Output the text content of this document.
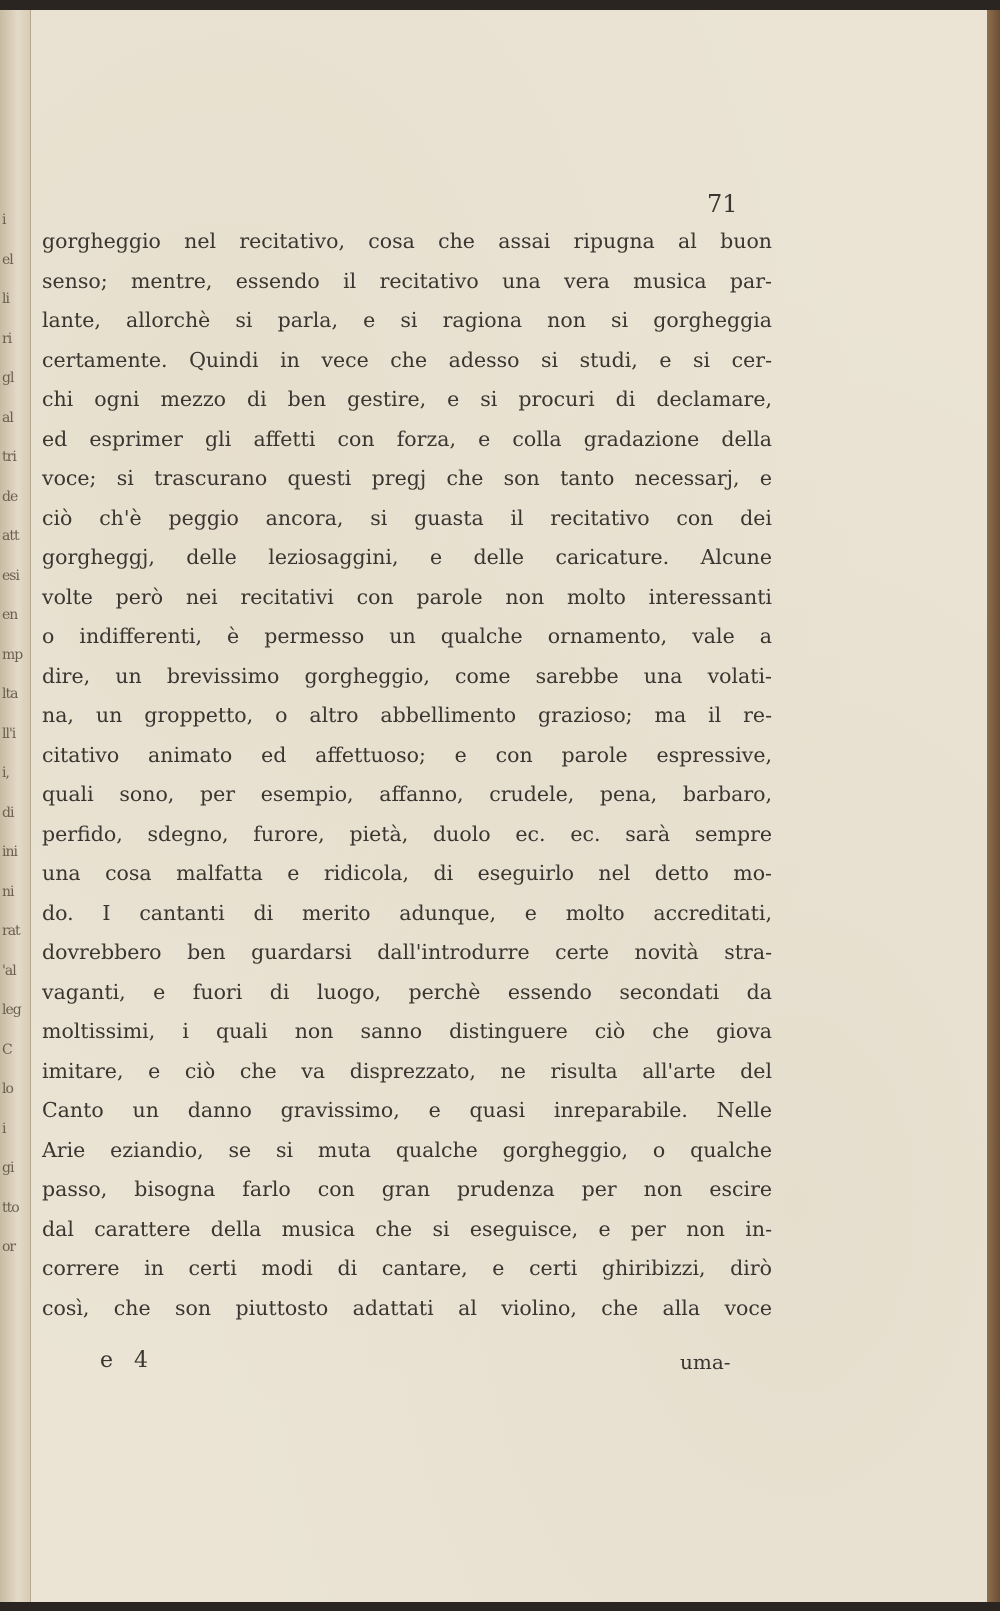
i
el
li
ri
gl
al
tri
de
att
esi
en
mp
lta
ll'i
i,
di
ini
ni
rat
'al
leg
C
lo
i
gi
tto
or
71
gorgheggio nel recitativo, cosa che assai ripugna al buon
senso; mentre, essendo il recitativo una vera musica par-
lante, allorchè si parla, e si ragiona non si gorgheggia
certamente. Quindi in vece che adesso si studi, e si cer-
chi ogni mezzo di ben gestire, e si procuri di declamare,
ed esprimer gli affetti con forza, e colla gradazione della
voce; si trascurano questi pregj che son tanto necessarj, e
ciò ch'è peggio ancora, si guasta il recitativo con dei
gorgheggj, delle leziosaggini, e delle caricature. Alcune
volte però nei recitativi con parole non molto interessanti
o indifferenti, è permesso un qualche ornamento, vale a
dire, un brevissimo gorgheggio, come sarebbe una volati-
na, un groppetto, o altro abbellimento grazioso; ma il re-
citativo animato ed affettuoso; e con parole espressive,
quali sono, per esempio, affanno, crudele, pena, barbaro,
perfido, sdegno, furore, pietà, duolo ec. ec. sarà sempre
una cosa malfatta e ridicola, di eseguirlo nel detto mo-
do. I cantanti di merito adunque, e molto accreditati,
dovrebbero ben guardarsi dall'introdurre certe novità stra-
vaganti, e fuori di luogo, perchè essendo secondati da
moltissimi, i quali non sanno distinguere ciò che giova
imitare, e ciò che va disprezzato, ne risulta all'arte del
Canto un danno gravissimo, e quasi inreparabile. Nelle
Arie eziandio, se si muta qualche gorgheggio, o qualche
passo, bisogna farlo con gran prudenza per non escire
dal carattere della musica che si eseguisce, e per non in-
correre in certi modi di cantare, e certi ghiribizzi, dirò
così, che son piuttosto adattati al violino, che alla voce
e 4	uma-
